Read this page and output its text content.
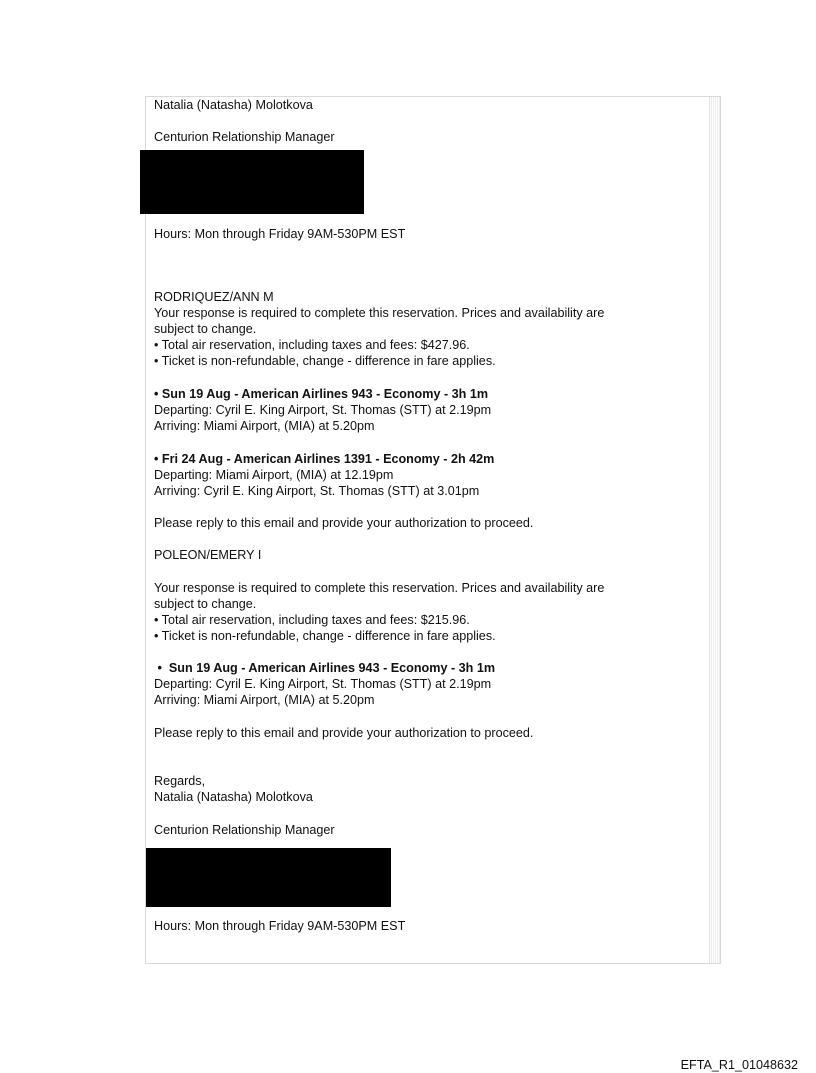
Natalia (Natasha) Molotkova
Centurion Relationship Manager
Hours: Mon through Friday 9AM-530PM EST
RODRIQUEZ/ANN M
Your response is required to complete this reservation. Prices and availability are
subject to change.
• Total air reservation, including taxes and fees: $427.96.
• Ticket is non-refundable, change - difference in fare applies.
• Sun 19 Aug - American Airlines 943 - Economy - 3h 1m
Departing: Cyril E. King Airport, St. Thomas (STT) at 2.19pm
Arriving: Miami Airport, (MIA) at 5.20pm
• Fri 24 Aug - American Airlines 1391 - Economy - 2h 42m
Departing: Miami Airport, (MIA) at 12.19pm
Arriving: Cyril E. King Airport, St. Thomas (STT) at 3.01pm
Please reply to this email and provide your authorization to proceed.
POLEON/EMERY I
Your response is required to complete this reservation. Prices and availability are
subject to change.
• Total air reservation, including taxes and fees: $215.96.
• Ticket is non-refundable, change - difference in fare applies.
•  Sun 19 Aug - American Airlines 943 - Economy - 3h 1m
Departing: Cyril E. King Airport, St. Thomas (STT) at 2.19pm
Arriving: Miami Airport, (MIA) at 5.20pm
Please reply to this email and provide your authorization to proceed.
Regards,
Natalia (Natasha) Molotkova
Centurion Relationship Manager
Hours: Mon through Friday 9AM-530PM EST
EFTA_R1_01048632
